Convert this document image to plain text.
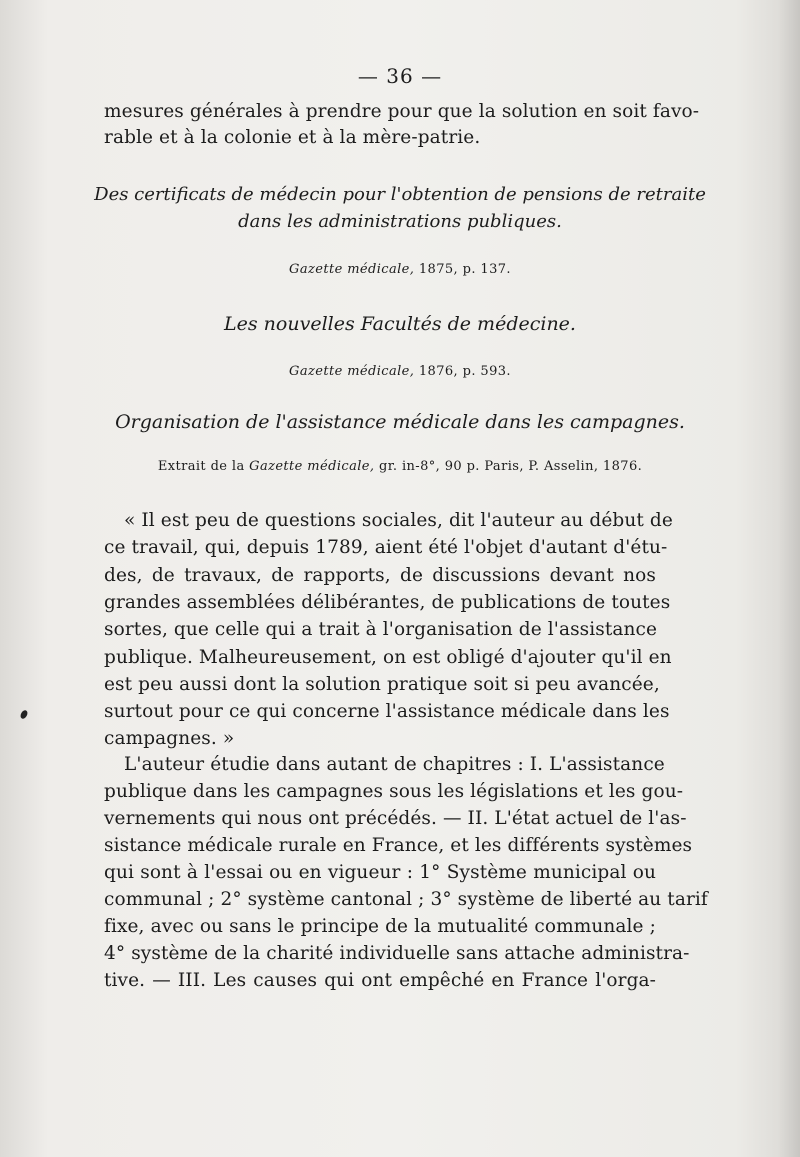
— 36 —
mesures générales à prendre pour que la solution en soit favo-
rable et à la colonie et à la mère-patrie.
Des certificats de médecin pour l'obtention de pensions de retraite
dans les administrations publiques.
Gazette médicale, 1875, p. 137.
Les nouvelles Facultés de médecine.
Gazette médicale, 1876, p. 593.
Organisation de l'assistance médicale dans les campagnes.
Extrait de la Gazette médicale, gr. in-8°, 90 p. Paris, P. Asselin, 1876.
« Il est peu de questions sociales, dit l'auteur au début de
ce travail, qui, depuis 1789, aient été l'objet d'autant d'étu-
des, de travaux, de rapports, de discussions devant nos
grandes assemblées délibérantes, de publications de toutes
sortes, que celle qui a trait à l'organisation de l'assistance
publique. Malheureusement, on est obligé d'ajouter qu'il en
est peu aussi dont la solution pratique soit si peu avancée,
surtout pour ce qui concerne l'assistance médicale dans les
campagnes. »
L'auteur étudie dans autant de chapitres : I. L'assistance
publique dans les campagnes sous les législations et les gou-
vernements qui nous ont précédés. — II. L'état actuel de l'as-
sistance médicale rurale en France, et les différents systèmes
qui sont à l'essai ou en vigueur : 1° Système municipal ou
communal ; 2° système cantonal ; 3° système de liberté au tarif
fixe, avec ou sans le principe de la mutualité communale ;
4° système de la charité individuelle sans attache administra-
tive. — III. Les causes qui ont empêché en France l'orga-
